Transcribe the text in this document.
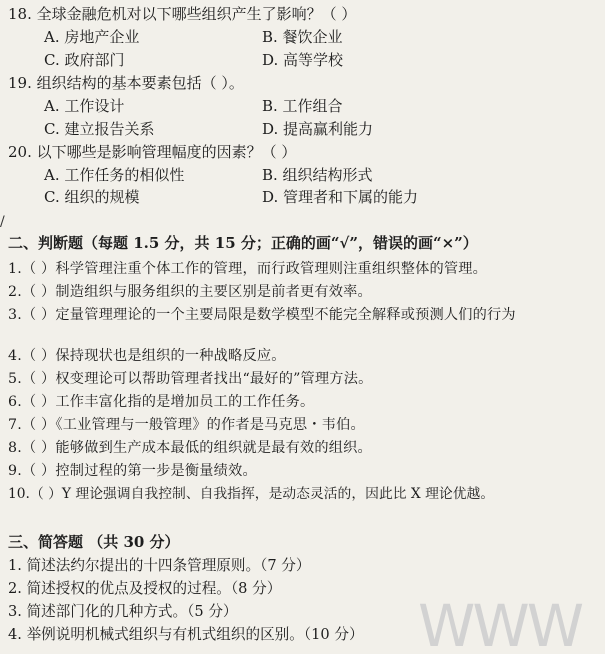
18. 全球金融危机对以下哪些组织产生了影响？（ ）
A. 房地产企业	B. 餐饮企业
C. 政府部门	D. 高等学校
19. 组织结构的基本要素包括（ ）。
A. 工作设计	B. 工作组合
C. 建立报告关系	D. 提高赢利能力
20. 以下哪些是影响管理幅度的因素？（ ）
A. 工作任务的相似性	B. 组织结构形式
C. 组织的规模	D. 管理者和下属的能力
/
二、判断题（每题 1.5 分，共 15 分；正确的画“√”，错误的画“×”）
1.（ ）科学管理注重个体工作的管理，而行政管理则注重组织整体的管理。
2.（ ）制造组织与服务组织的主要区别是前者更有效率。
3.（ ）定量管理理论的一个主要局限是数学模型不能完全解释或预测人们的行为
4.（ ）保持现状也是组织的一种战略反应。
5.（ ）权变理论可以帮助管理者找出“最好的”管理方法。
6.（ ）工作丰富化指的是增加员工的工作任务。
7.（ ）《工业管理与一般管理》的作者是马克思・韦伯。
8.（ ）能够做到生产成本最低的组织就是最有效的组织。
9.（ ）控制过程的第一步是衡量绩效。
10.（ ）Y 理论强调自我控制、自我指挥，是动态灵活的，因此比 X 理论优越。
三、简答题 （共 30 分）
1. 简述法约尔提出的十四条管理原则。（7 分）
2. 简述授权的优点及授权的过程。（8 分）
3. 简述部门化的几种方式。（5 分）
4. 举例说明机械式组织与有机式组织的区别。（10 分） WWW
